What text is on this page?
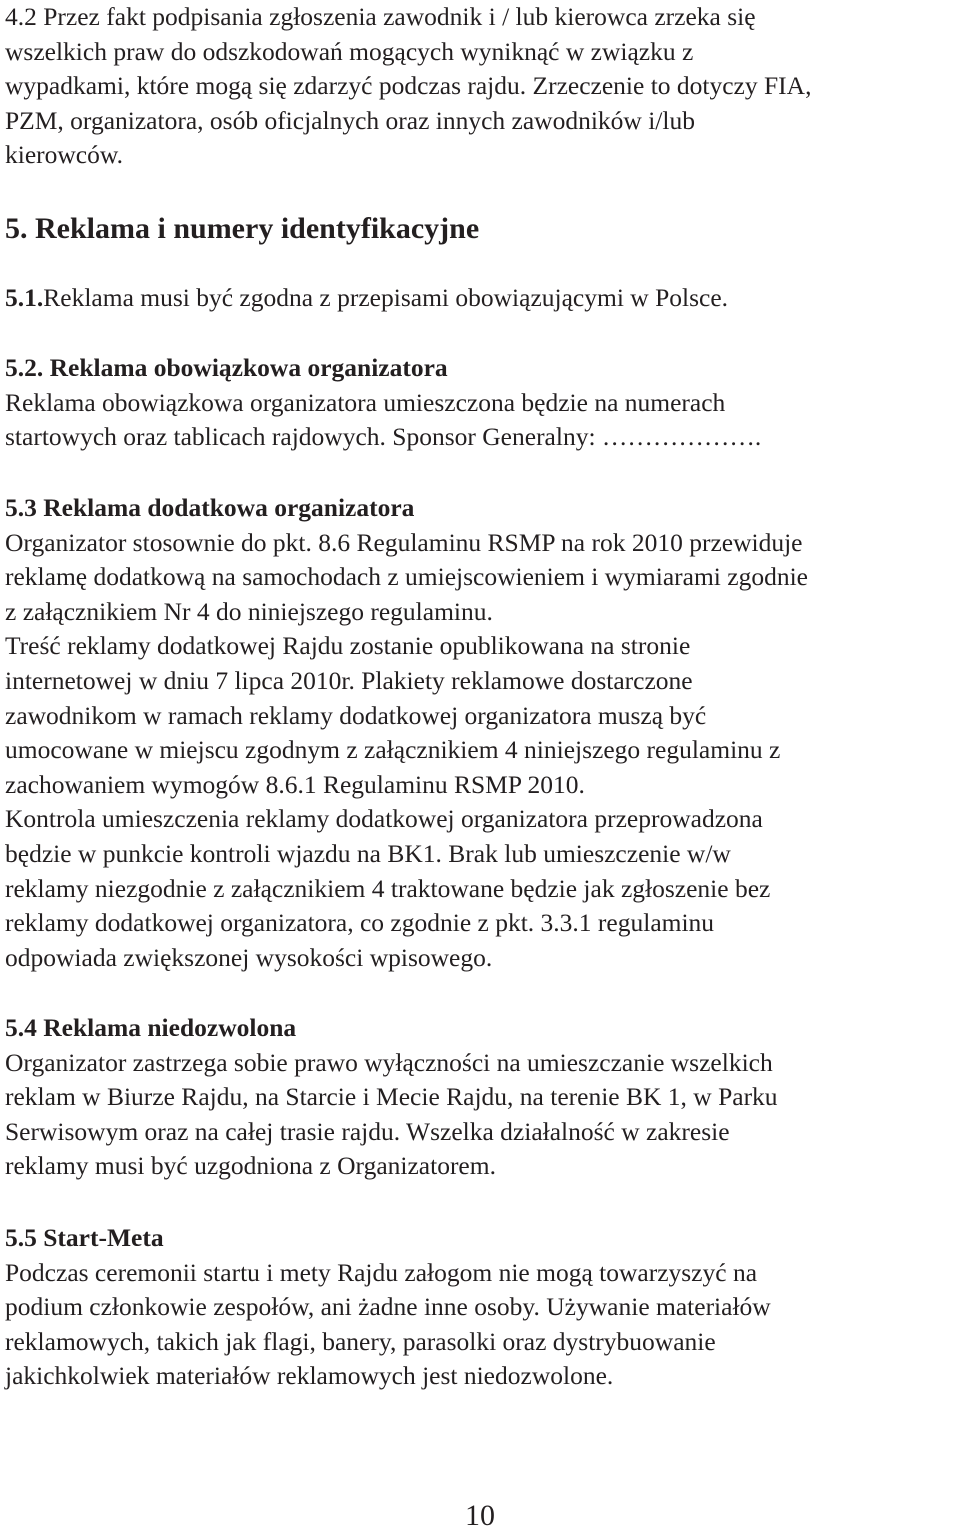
4.2 Przez fakt podpisania zgłoszenia zawodnik i / lub kierowca zrzeka się
wszelkich praw do odszkodowań mogących wyniknąć w związku z
wypadkami, które mogą się zdarzyć podczas rajdu. Zrzeczenie to dotyczy FIA,
PZM, organizatora, osób oficjalnych oraz innych zawodników i/lub
kierowców.
5. Reklama i numery identyfikacyjne
5.1.Reklama musi być zgodna z przepisami obowiązującymi w Polsce.
5.2. Reklama obowiązkowa organizatora
Reklama obowiązkowa organizatora umieszczona będzie na numerach
startowych oraz tablicach rajdowych. Sponsor Generalny: ……………….
5.3 Reklama dodatkowa organizatora
Organizator stosownie do pkt. 8.6 Regulaminu RSMP na rok 2010 przewiduje
reklamę dodatkową na samochodach z umiejscowieniem i wymiarami zgodnie
z załącznikiem Nr 4 do niniejszego regulaminu.
Treść reklamy dodatkowej Rajdu zostanie opublikowana na stronie
internetowej w dniu 7 lipca 2010r. Plakiety reklamowe dostarczone
zawodnikom w ramach reklamy dodatkowej organizatora muszą być
umocowane w miejscu zgodnym z załącznikiem 4 niniejszego regulaminu z
zachowaniem wymogów 8.6.1 Regulaminu RSMP 2010.
Kontrola umieszczenia reklamy dodatkowej organizatora przeprowadzona
będzie w punkcie kontroli wjazdu na BK1. Brak lub umieszczenie w/w
reklamy niezgodnie z załącznikiem 4 traktowane będzie jak zgłoszenie bez
reklamy dodatkowej organizatora, co zgodnie z pkt. 3.3.1 regulaminu
odpowiada zwiększonej wysokości wpisowego.
5.4 Reklama niedozwolona
Organizator zastrzega sobie prawo wyłączności na umieszczanie wszelkich
reklam w Biurze Rajdu, na Starcie i Mecie Rajdu, na terenie BK 1, w Parku
Serwisowym oraz na całej trasie rajdu. Wszelka działalność w zakresie
reklamy musi być uzgodniona z Organizatorem.
5.5 Start-Meta
Podczas ceremonii startu i mety Rajdu załogom nie mogą towarzyszyć na
podium członkowie zespołów, ani żadne inne osoby. Używanie materiałów
reklamowych, takich jak flagi, banery, parasolki oraz dystrybuowanie
jakichkolwiek materiałów reklamowych jest niedozwolone.
10
